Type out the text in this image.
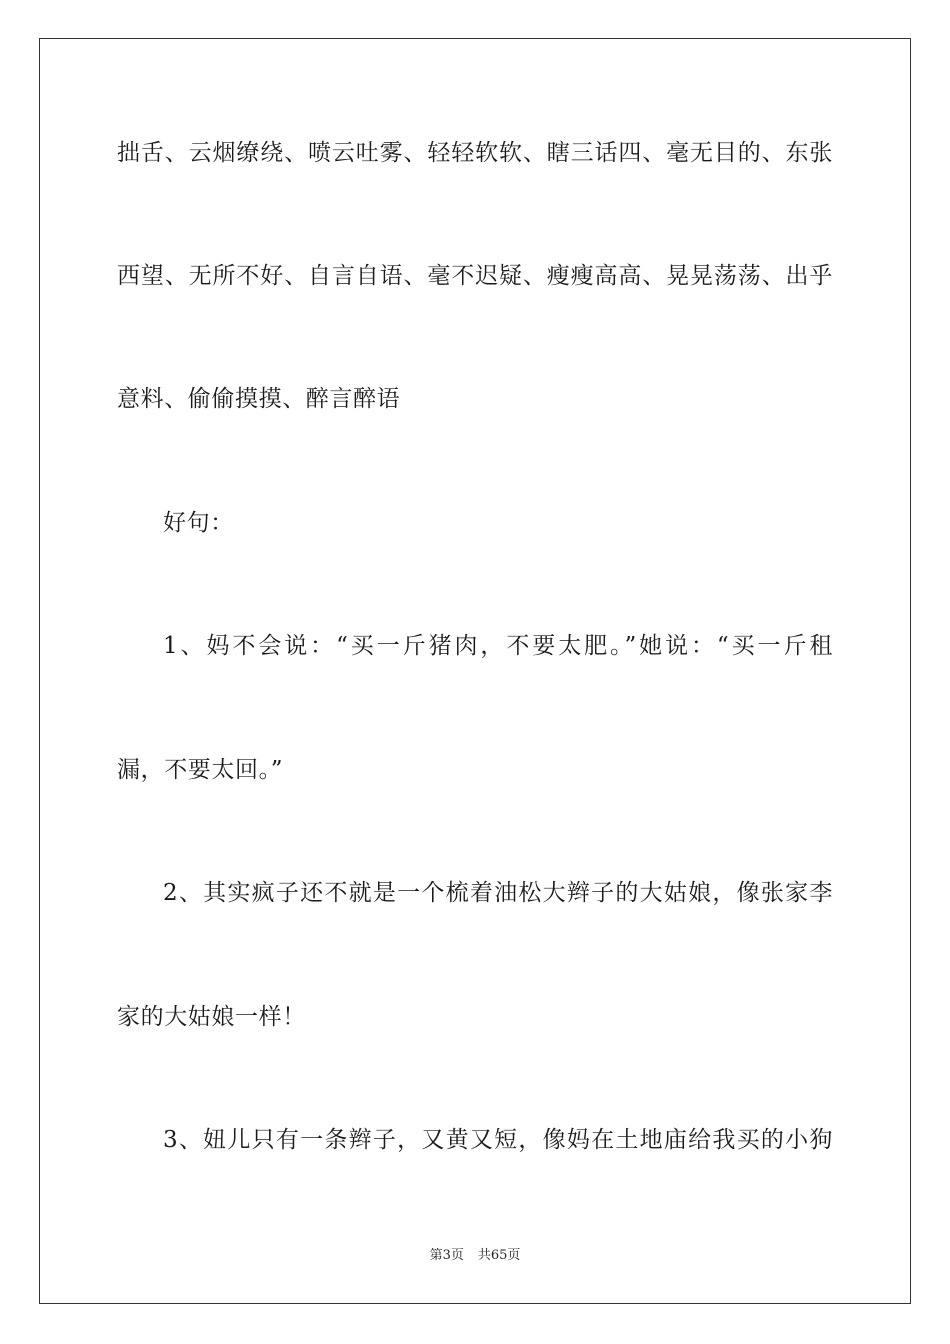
拙舌、云烟缭绕、喷云吐雾、轻轻软软、瞎三话四、毫无目的、东张
西望、无所不好、自言自语、毫不迟疑、瘦瘦高高、晃晃荡荡、出乎
意料、偷偷摸摸、醉言醉语
好句：
1、妈不会说：“买一斤猪肉，不要太肥。”她说：“买一斤租
漏，不要太回。”
2、其实疯子还不就是一个梳着油松大辫子的大姑娘，像张家李
家的大姑娘一样！
3、妞儿只有一条辫子，又黄又短，像妈在土地庙给我买的小狗
第3页 共65页
